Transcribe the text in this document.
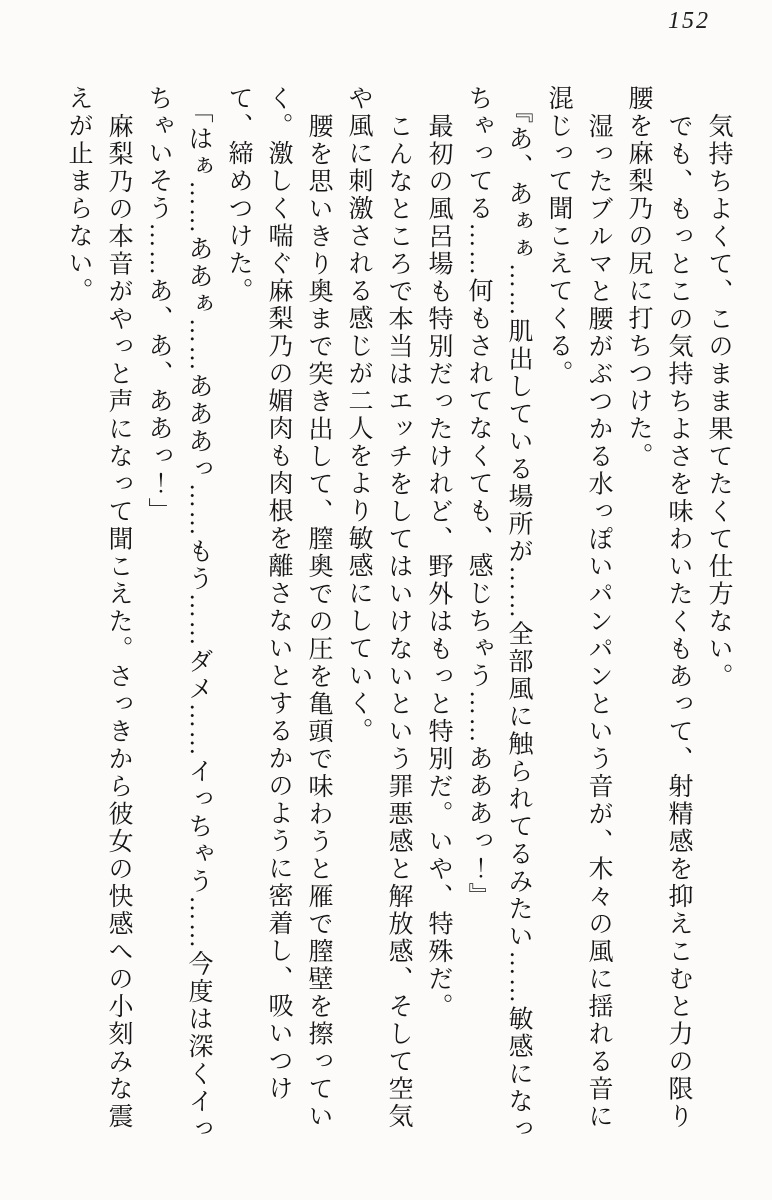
152

気持ちよくて、このまま果てたくて仕方ない。

でも、もっとこの気持ちよさを味わいたくもあって、射精感を抑えこむと力の限り腰を麻梨乃の尻に打ちつけた。

湿ったブルマと腰がぶつかる水っぽいパンパンという音が、木々の風に揺れる音に混じって聞こえてくる。

『あ、あぁぁ……肌出している場所が……全部風に触られてるみたい……敏感になっちゃってる……何もされてなくても、感じちゃう……あああっ！』

最初の風呂場も特別だったけれど、野外はもっと特別だ。いや、特殊だ。

こんなところで本当はエッチをしてはいけないという罪悪感と解放感、そして空気や風に刺激される感じが二人をより敏感にしていく。

腰を思いきり奥まで突き出して、膣奥での圧を亀頭で味わうと雁で膣壁を擦っていく。激しく喘ぐ麻梨乃の媚肉も肉根を離さないとするかのように密着し、吸いつけて、締めつけた。

「はぁ……ああぁ……あああっ……もう……ダメ……イっちゃう……今度は深くイっちゃいそう……あ、あ、ああっ！」

麻梨乃の本音がやっと声になって聞こえた。さっきから彼女の快感への小刻みな震えが止まらない。
